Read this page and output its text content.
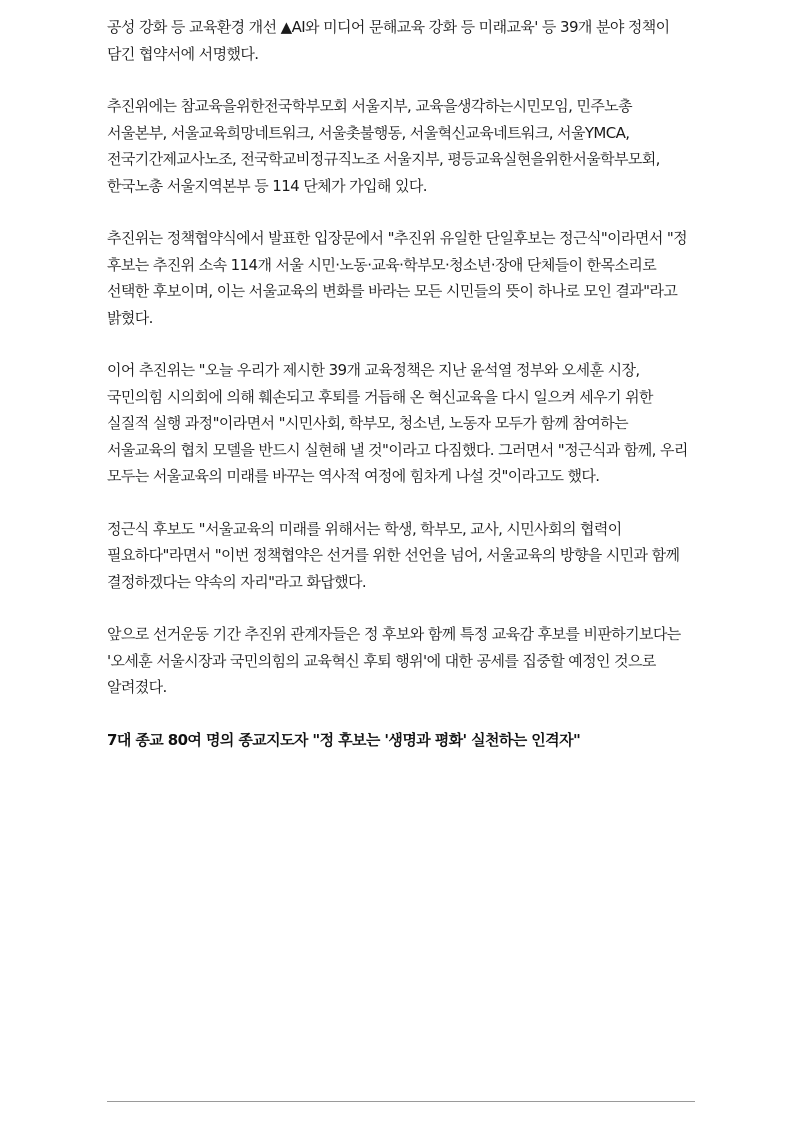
공성 강화 등 교육환경 개선 ▲AI와 미디어 문해교육 강화 등 미래교육' 등 39개 분야 정책이 담긴 협약서에 서명했다.

추진위에는 참교육을위한전국학부모회 서울지부, 교육을생각하는시민모임, 민주노총 서울본부, 서울교육희망네트워크, 서울촛불행동, 서울혁신교육네트워크, 서울YMCA, 전국기간제교사노조, 전국학교비정규직노조 서울지부, 평등교육실현을위한서울학부모회, 한국노총 서울지역본부 등 114 단체가 가입해 있다.

추진위는 정책협약식에서 발표한 입장문에서 "추진위 유일한 단일후보는 정근식"이라면서 "정 후보는 추진위 소속 114개 서울 시민·노동·교육·학부모·청소년·장애 단체들이 한목소리로 선택한 후보이며, 이는 서울교육의 변화를 바라는 모든 시민들의 뜻이 하나로 모인 결과"라고 밝혔다.

이어 추진위는 "오늘 우리가 제시한 39개 교육정책은 지난 윤석열 정부와 오세훈 시장, 국민의힘 시의회에 의해 훼손되고 후퇴를 거듭해 온 혁신교육을 다시 일으켜 세우기 위한 실질적 실행 과정"이라면서 "시민사회, 학부모, 청소년, 노동자 모두가 함께 참여하는 서울교육의 협치 모델을 반드시 실현해 낼 것"이라고 다짐했다. 그러면서 "정근식과 함께, 우리 모두는 서울교육의 미래를 바꾸는 역사적 여정에 힘차게 나설 것"이라고도 했다.

정근식 후보도 "서울교육의 미래를 위해서는 학생, 학부모, 교사, 시민사회의 협력이 필요하다"라면서 "이번 정책협약은 선거를 위한 선언을 넘어, 서울교육의 방향을 시민과 함께 결정하겠다는 약속의 자리"라고 화답했다.

앞으로 선거운동 기간 추진위 관계자들은 정 후보와 함께 특정 교육감 후보를 비판하기보다는 '오세훈 서울시장과 국민의힘의 교육혁신 후퇴 행위'에 대한 공세를 집중할 예정인 것으로 알려졌다.

7대 종교 80여 명의 종교지도자 "정 후보는 '생명과 평화' 실천하는 인격자"
